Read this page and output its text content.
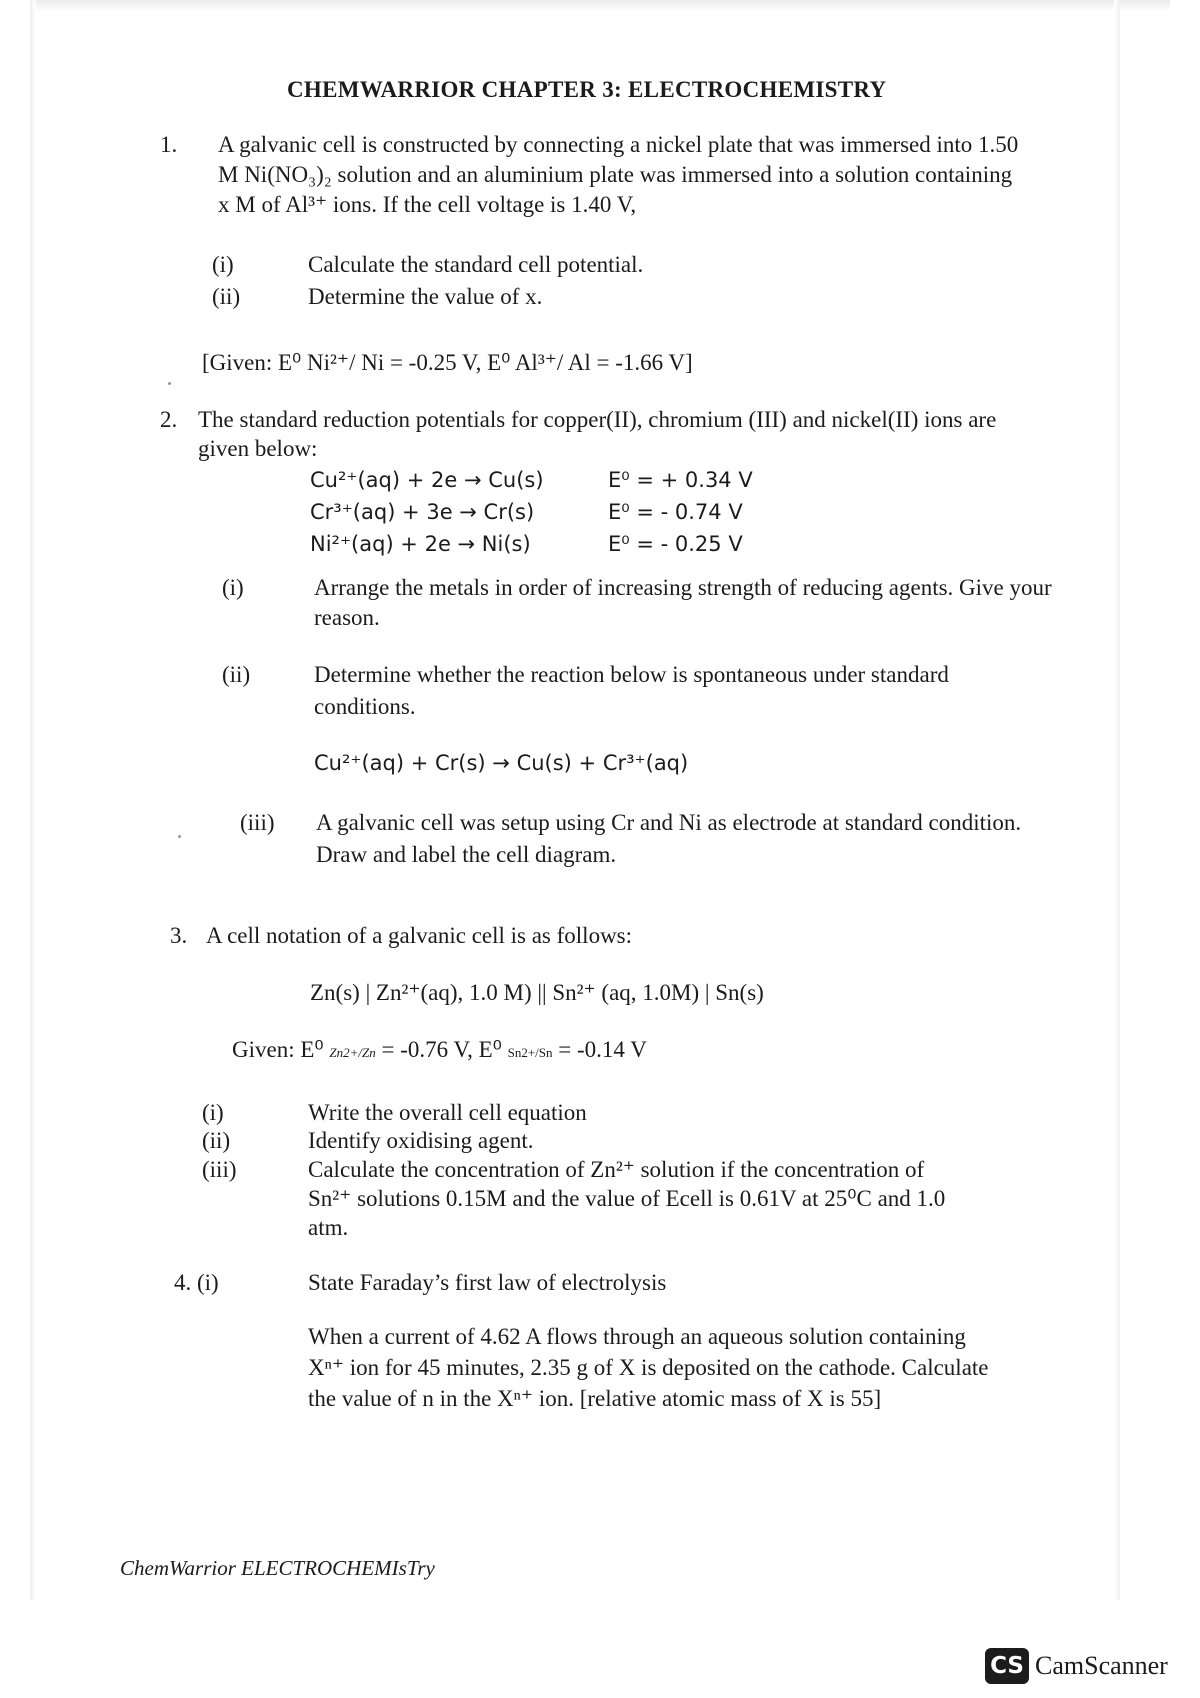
CHEMWARRIOR CHAPTER 3: ELECTROCHEMISTRY
1. A galvanic cell is constructed by connecting a nickel plate that was immersed into 1.50
M Ni(NO₃)₂ solution and an aluminium plate was immersed into a solution containing
x M of Al³⁺ ions. If the cell voltage is 1.40 V,
(i)	Calculate the standard cell potential.
(ii)	Determine the value of x.
[Given: E⁰ Ni²⁺/ Ni = -0.25 V, E⁰ Al³⁺/ Al = -1.66 V]
2. The standard reduction potentials for copper(II), chromium (III) and nickel(II) ions are
given below:
Cu²⁺(aq) + 2e → Cu(s)	E⁰ = + 0.34 V
Cr³⁺(aq) + 3e → Cr(s)	E⁰ = - 0.74 V
Ni²⁺(aq) + 2e → Ni(s)	E⁰ = - 0.25 V
(i)	Arrange the metals in order of increasing strength of reducing agents. Give your
reason.
(ii)	Determine whether the reaction below is spontaneous under standard
conditions.
Cu²⁺(aq) + Cr(s) → Cu(s) + Cr³⁺(aq)
(iii) A galvanic cell was setup using Cr and Ni as electrode at standard condition.
Draw and label the cell diagram.
3. A cell notation of a galvanic cell is as follows:
Zn(s) | Zn²⁺(aq), 1.0 M) || Sn²⁺ (aq, 1.0M) | Sn(s)
Given: E⁰ Zn2+/Zn = -0.76 V, E⁰ Sn2+/Sn = -0.14 V
(i)	Write the overall cell equation
(ii)	Identify oxidising agent.
(iii)	Calculate the concentration of Zn²⁺ solution if the concentration of
Sn²⁺ solutions 0.15M and the value of Ecell is 0.61V at 25⁰C and 1.0
atm.
4. (i)	State Faraday’s first law of electrolysis
When a current of 4.62 A flows through an aqueous solution containing
Xⁿ⁺ ion for 45 minutes, 2.35 g of X is deposited on the cathode. Calculate
the value of n in the Xⁿ⁺ ion. [relative atomic mass of X is 55]
ChemWarrior ELECTROCHEMIsTry
CS CamScanner
